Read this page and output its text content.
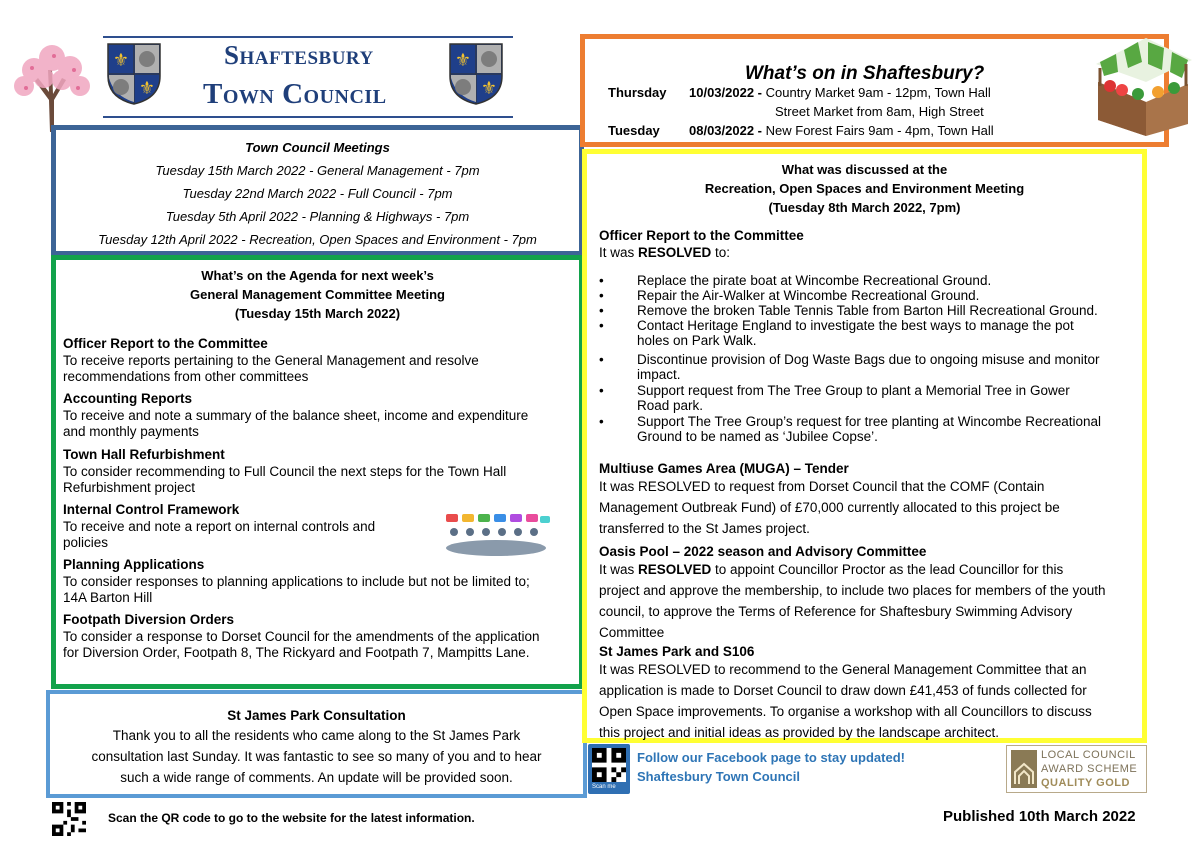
⚜
⚜
⚜
⚜
Shaftesbury
Town Council
Town Council Meetings
Tuesday 15th March 2022 - General Management - 7pm
Tuesday 22nd March 2022 - Full Council - 7pm
Tuesday 5th April 2022 - Planning & Highways - 7pm
Tuesday 12th April 2022 - Recreation, Open Spaces and Environment - 7pm
What’s on the Agenda for next week’s
General Management Committee Meeting
(Tuesday 15th March 2022)
Officer Report to the Committee
To receive reports pertaining to the General Management and resolve
recommendations from other committees
Accounting Reports
To receive and note a summary of the balance sheet, income and expenditure
and monthly payments
Town Hall Refurbishment
To consider recommending to Full Council the next steps for the Town Hall
Refurbishment project
Internal Control Framework
To receive and note a report on internal controls and
policies
Planning Applications
To consider responses to planning applications to include but not be limited to;
14A Barton Hill
Footpath Diversion Orders
To consider a response to Dorset Council for the amendments of the application
for Diversion Order, Footpath 8, The Rickyard and Footpath 7, Mampitts Lane.
St James Park Consultation
Thank you to all the residents who came along to the St James Park
consultation last Sunday. It was fantastic to see so many of you and to hear
such a wide range of comments. An update will be provided soon.
What’s on in Shaftesbury?
Thursday 10/03/2022 - Country Market 9am - 12pm, Town Hall
Street Market from 8am, High Street
Tuesday 08/03/2022 - New Forest Fairs 9am - 4pm, Town Hall
What was discussed at the
Recreation, Open Spaces and Environment Meeting
(Tuesday 8th March 2022, 7pm)
Officer Report to the Committee
It was RESOLVED to:
• Replace the pirate boat at Wincombe Recreational Ground.
• Repair the Air-Walker at Wincombe Recreational Ground.
• Remove the broken Table Tennis Table from Barton Hill Recreational Ground.
• Contact Heritage England to investigate the best ways to manage the pot
holes on Park Walk.
• Discontinue provision of Dog Waste Bags due to ongoing misuse and monitor
impact.
• Support request from The Tree Group to plant a Memorial Tree in Gower
Road park.
• Support The Tree Group’s request for tree planting at Wincombe Recreational
Ground to be named as ‘Jubilee Copse’.
Multiuse Games Area (MUGA) – Tender
It was RESOLVED to request from Dorset Council that the COMF (Contain
Management Outbreak Fund) of £70,000 currently allocated to this project be
transferred to the St James project.
Oasis Pool – 2022 season and Advisory Committee
It was RESOLVED to appoint Councillor Proctor as the lead Councillor for this
project and approve the membership, to include two places for members of the youth
council, to approve the Terms of Reference for Shaftesbury Swimming Advisory
Committee
St James Park and S106
It was RESOLVED to recommend to the General Management Committee that an
application is made to Dorset Council to draw down £41,453 of funds collected for
Open Space improvements. To organise a workshop with all Councillors to discuss
this project and initial ideas as provided by the landscape architect.
Scan me
Follow our Facebook page to stay updated!
Shaftesbury Town Council
LOCAL COUNCIL
AWARD SCHEME
QUALITY GOLD
Scan the QR code to go to the website for the latest information.	Published 10th March 2022
